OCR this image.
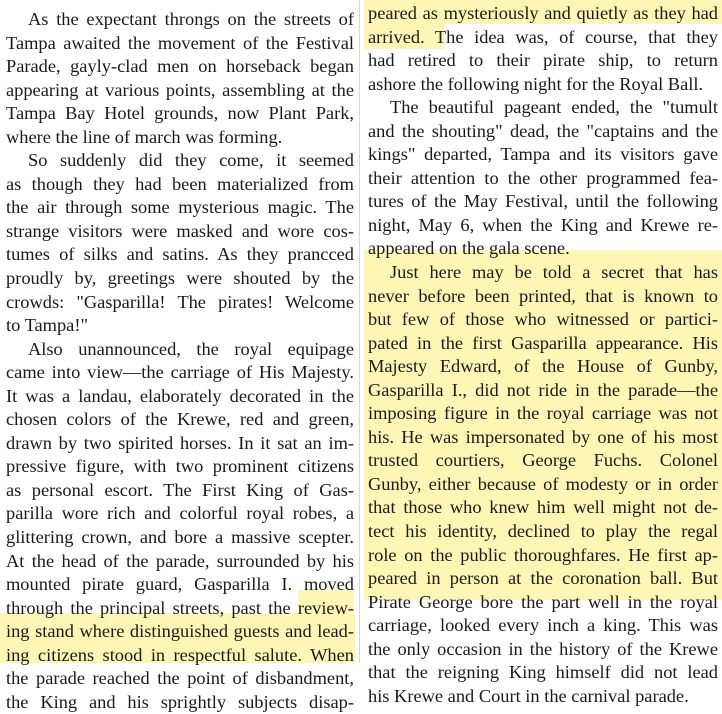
As the expectant throngs on the streets of
Tampa awaited the movement of the Festival
Parade, gayly-clad men on horseback began
appearing at various points, assembling at the
Tampa Bay Hotel grounds, now Plant Park,
where the line of march was forming.
So suddenly did they come, it seemed
as though they had been materialized from
the air through some mysterious magic. The
strange visitors were masked and wore cos-
tumes of silks and satins. As they prancced
proudly by, greetings were shouted by the
crowds: "Gasparilla! The pirates! Welcome
to Tampa!"
Also unannounced, the royal equipage
came into view—the carriage of His Majesty.
It was a landau, elaborately decorated in the
chosen colors of the Krewe, red and green,
drawn by two spirited horses. In it sat an im-
pressive figure, with two prominent citizens
as personal escort. The First King of Gas-
parilla wore rich and colorful royal robes, a
glittering crown, and bore a massive scepter.
At the head of the parade, surrounded by his
mounted pirate guard, Gasparilla I. moved
through the principal streets, past the review-
ing stand where distinguished guests and lead-
ing citizens stood in respectful salute. When
the parade reached the point of disbandment,
the King and his sprightly subjects disap-
peared as mysteriously and quietly as they had
arrived. The idea was, of course, that they
had retired to their pirate ship, to return
ashore the following night for the Royal Ball.
The beautiful pageant ended, the "tumult
and the shouting" dead, the "captains and the
kings" departed, Tampa and its visitors gave
their attention to the other programmed fea-
tures of the May Festival, until the following
night, May 6, when the King and Krewe re-
appeared on the gala scene.
Just here may be told a secret that has
never before been printed, that is known to
but few of those who witnessed or partici-
pated in the first Gasparilla appearance. His
Majesty Edward, of the House of Gunby,
Gasparilla I., did not ride in the parade—the
imposing figure in the royal carriage was not
his. He was impersonated by one of his most
trusted courtiers, George Fuchs. Colonel
Gunby, either because of modesty or in order
that those who knew him well might not de-
tect his identity, declined to play the regal
role on the public thoroughfares. He first ap-
peared in person at the coronation ball. But
Pirate George bore the part well in the royal
carriage, looked every inch a king. This was
the only occasion in the history of the Krewe
that the reigning King himself did not lead
his Krewe and Court in the carnival parade.
